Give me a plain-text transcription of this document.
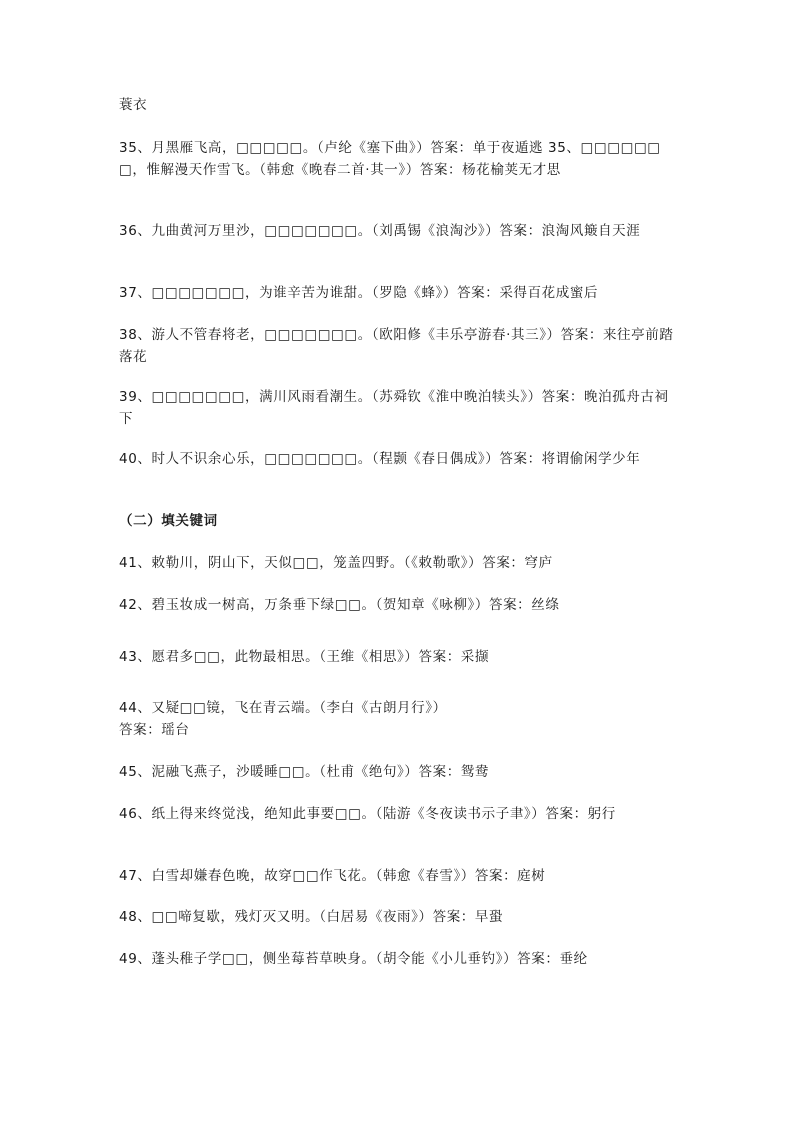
蓑衣
35、月黑雁飞高，□□□□□。（卢纶《塞下曲》）答案：单于夜遁逃 35、□□□□□□□，惟解漫天作雪飞。（韩愈《晚春二首·其一》）答案：杨花榆荚无才思
36、九曲黄河万里沙，□□□□□□□。（刘禹锡《浪淘沙》）答案：浪淘风簸自天涯
37、□□□□□□□，为谁辛苦为谁甜。（罗隐《蜂》）答案：采得百花成蜜后
38、游人不管春将老，□□□□□□□。（欧阳修《丰乐亭游春·其三》）答案：来往亭前踏落花
39、□□□□□□□，满川风雨看潮生。（苏舜钦《淮中晚泊犊头》）答案：晚泊孤舟古祠下
40、时人不识余心乐，□□□□□□□。（程颢《春日偶成》）答案：将谓偷闲学少年
（二）填关键词
41、敕勒川，阴山下，天似□□，笼盖四野。（《敕勒歌》）答案：穹庐
42、碧玉妆成一树高，万条垂下绿□□。（贺知章《咏柳》）答案：丝绦
43、愿君多□□，此物最相思。（王维《相思》）答案：采撷
44、又疑□□镜，飞在青云端。（李白《古朗月行》）
答案：瑶台
45、泥融飞燕子，沙暖睡□□。（杜甫《绝句》）答案：鸳鸯
46、纸上得来终觉浅，绝知此事要□□。（陆游《冬夜读书示子聿》）答案：躬行
47、白雪却嫌春色晚，故穿□□作飞花。（韩愈《春雪》）答案：庭树
48、□□啼复歇，残灯灭又明。（白居易《夜雨》）答案：早蛩
49、蓬头稚子学□□，侧坐莓苔草映身。（胡令能《小儿垂钓》）答案：垂纶
